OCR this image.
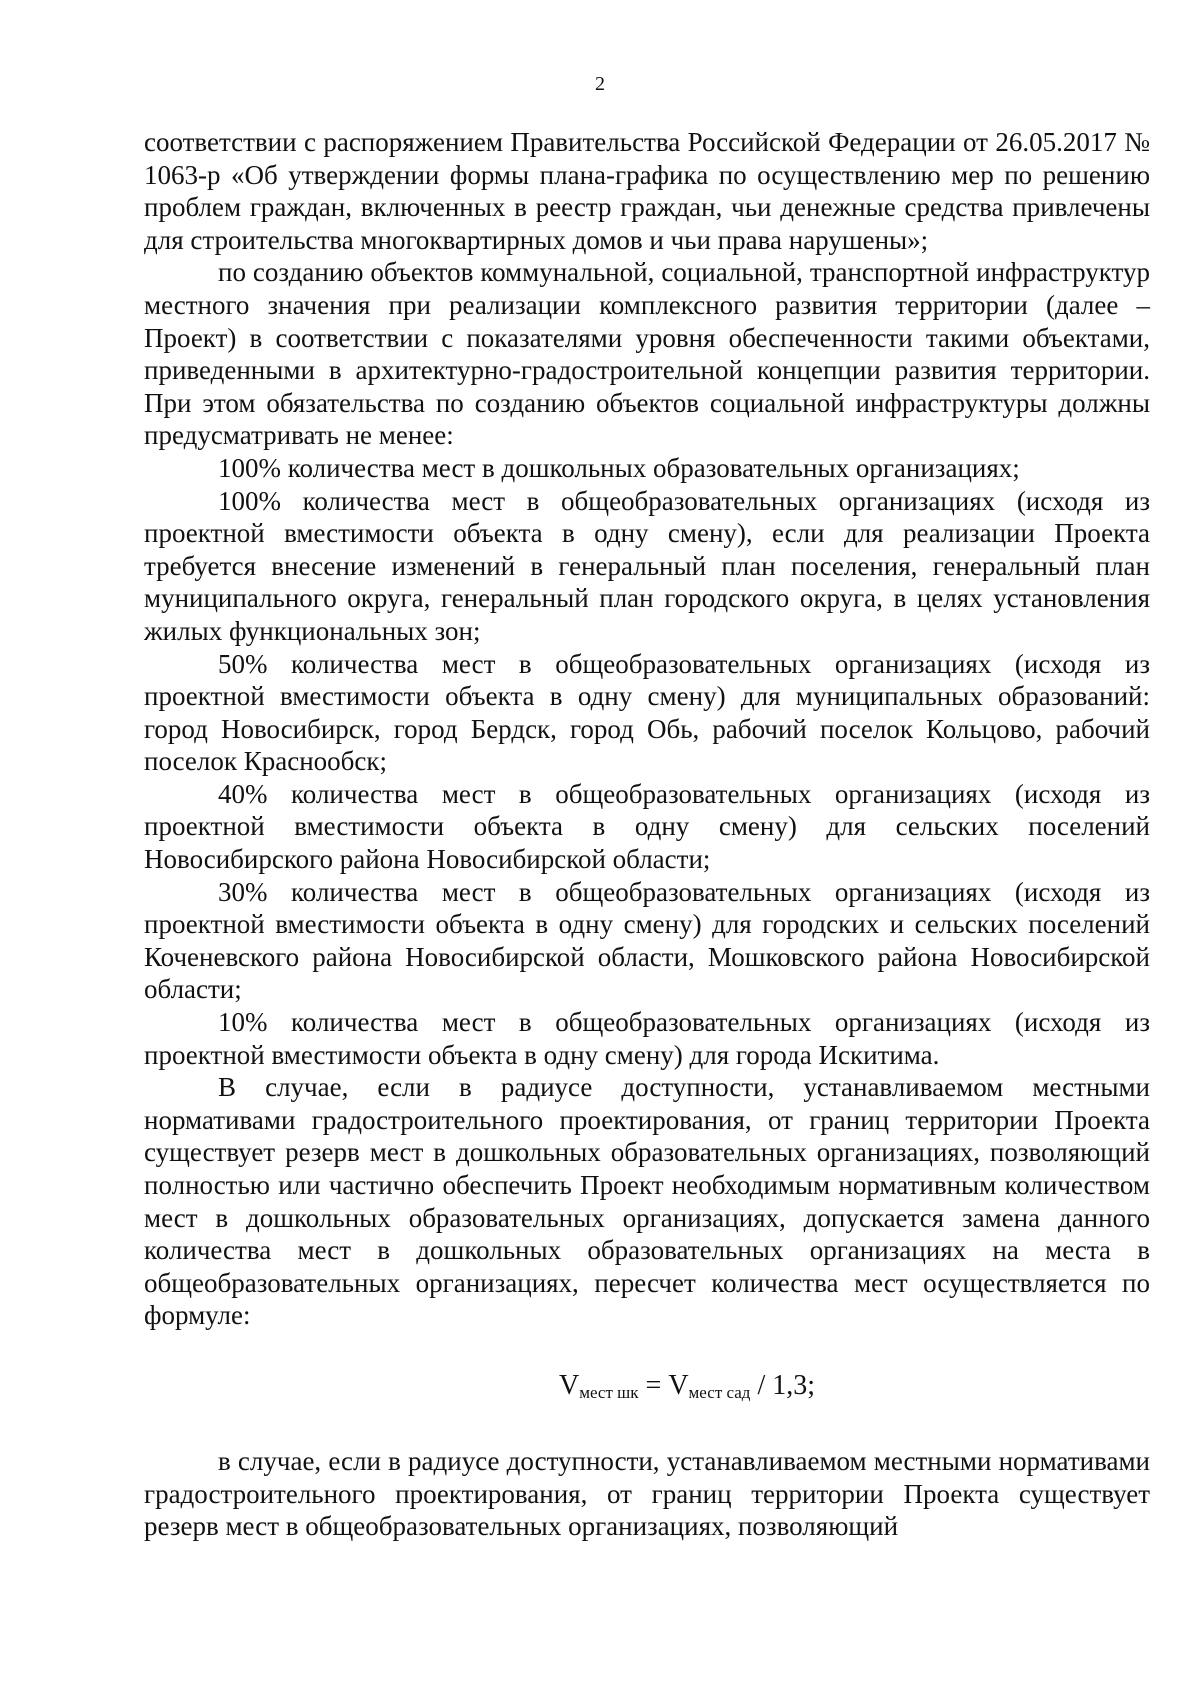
2

соответствии с распоряжением Правительства Российской Федерации от 26.05.2017 № 1063-р «Об утверждении формы плана-графика по осуществлению мер по решению проблем граждан, включенных в реестр граждан, чьи денежные средства привлечены для строительства многоквартирных домов и чьи права нарушены»;

по созданию объектов коммунальной, социальной, транспортной инфраструктур местного значения при реализации комплексного развития территории (далее – Проект) в соответствии с показателями уровня обеспеченности такими объектами, приведенными в архитектурно-градостроительной концепции развития территории. При этом обязательства по созданию объектов социальной инфраструктуры должны предусматривать не менее:

100% количества мест в дошкольных образовательных организациях;

100% количества мест в общеобразовательных организациях (исходя из проектной вместимости объекта в одну смену), если для реализации Проекта требуется внесение изменений в генеральный план поселения, генеральный план муниципального округа, генеральный план городского округа, в целях установления жилых функциональных зон;

50% количества мест в общеобразовательных организациях (исходя из проектной вместимости объекта в одну смену) для муниципальных образований: город Новосибирск, город Бердск, город Обь, рабочий поселок Кольцово, рабочий поселок Краснообск;

40% количества мест в общеобразовательных организациях (исходя из проектной вместимости объекта в одну смену) для сельских поселений Новосибирского района Новосибирской области;

30% количества мест в общеобразовательных организациях (исходя из проектной вместимости объекта в одну смену) для городских и сельских поселений Коченевского района Новосибирской области, Мошковского района Новосибирской области;

10% количества мест в общеобразовательных организациях (исходя из проектной вместимости объекта в одну смену) для города Искитима.

В случае, если в радиусе доступности, устанавливаемом местными нормативами градостроительного проектирования, от границ территории Проекта существует резерв мест в дошкольных образовательных организациях, позволяющий полностью или частично обеспечить Проект необходимым нормативным количеством мест в дошкольных образовательных организациях, допускается замена данного количества мест в дошкольных образовательных организациях на места в общеобразовательных организациях, пересчет количества мест осуществляется по формуле:

$V_{мест шк} = V_{мест сад} / 1,3$;

в случае, если в радиусе доступности, устанавливаемом местными нормативами градостроительного проектирования, от границ территории Проекта существует резерв мест в общеобразовательных организациях, позволяющий
